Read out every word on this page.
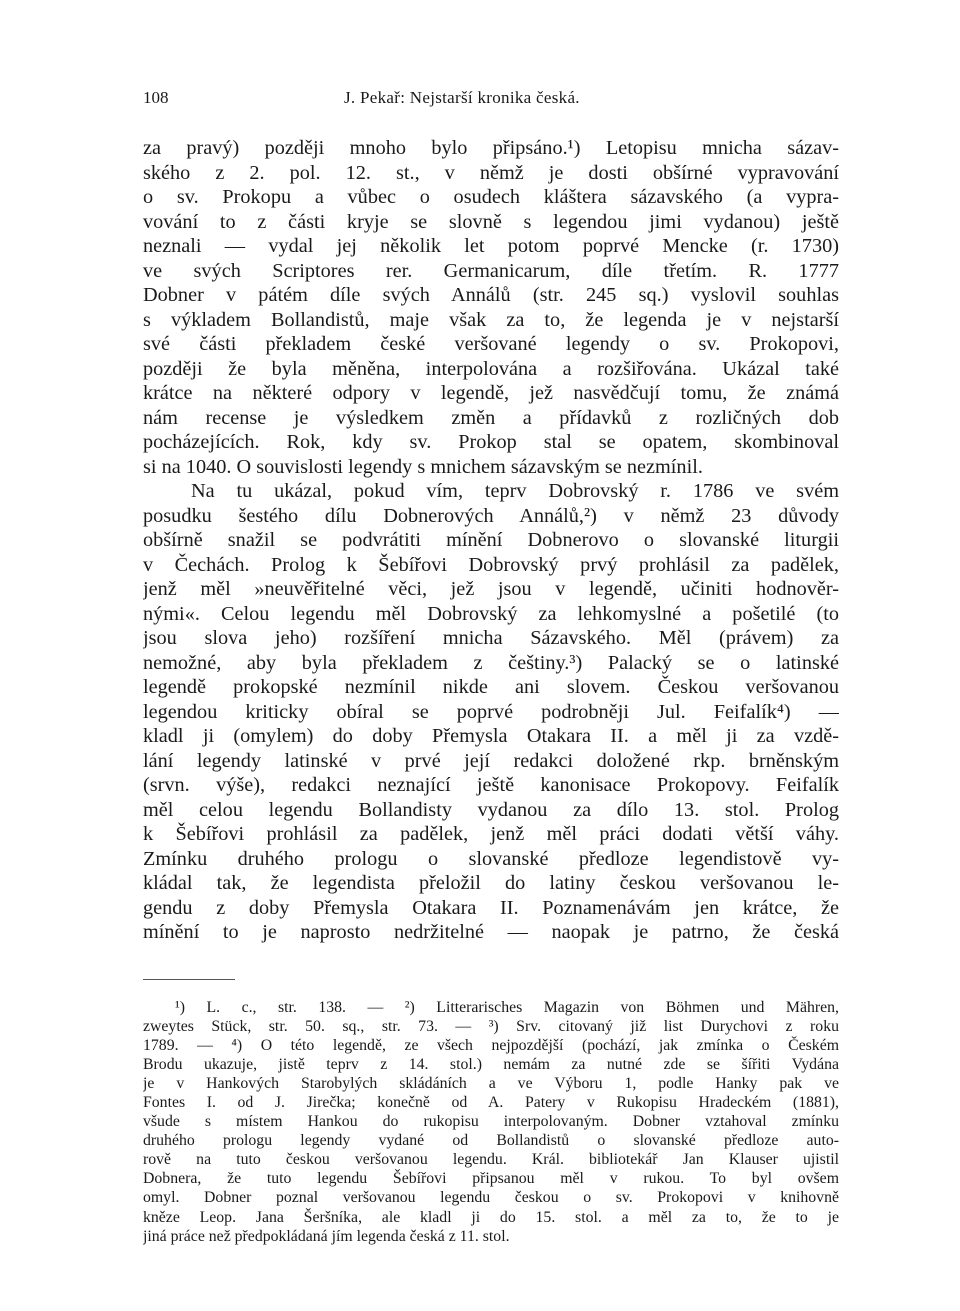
108	J. Pekař: Nejstarší kronika česká.
za pravý) později mnoho bylo připsáno.¹) Letopisu mnicha sázav-
ského z 2. pol. 12. st., v němž je dosti obšírné vypravování
o sv. Prokopu a vůbec o osudech kláštera sázavského (a vypra-
vování to z části kryje se slovně s legendou jimi vydanou) ještě
neznali — vydal jej několik let potom poprvé Mencke (r. 1730)
ve svých Scriptores rer. Germanicarum, díle třetím. R. 1777
Dobner v pátém díle svých Annálů (str. 245 sq.) vyslovil souhlas
s výkladem Bollandistů, maje však za to, že legenda je v nejstarší
své části překladem české veršované legendy o sv. Prokopovi,
později že byla měněna, interpolována a rozšiřována. Ukázal také
krátce na některé odpory v legendě, jež nasvědčují tomu, že známá
nám recense je výsledkem změn a přídavků z rozličných dob
pocházejících. Rok, kdy sv. Prokop stal se opatem, skombinoval
si na 1040. O souvislosti legendy s mnichem sázavským se nezmínil.
Na tu ukázal, pokud vím, teprv Dobrovský r. 1786 ve svém
posudku šestého dílu Dobnerových Annálů,²) v němž 23 důvody
obšírně snažil se podvrátiti mínění Dobnerovo o slovanské liturgii
v Čechách. Prolog k Šebířovi Dobrovský prvý prohlásil za padělek,
jenž měl »neuvěřitelné věci, jež jsou v legendě, učiniti hodnověr-
nými«. Celou legendu měl Dobrovský za lehkomyslné a pošetilé (to
jsou slova jeho) rozšíření mnicha Sázavského. Měl (právem) za
nemožné, aby byla překladem z češtiny.³) Palacký se o latinské
legendě prokopské nezmínil nikde ani slovem. Českou veršovanou
legendou kriticky obíral se poprvé podrobněji Jul. Feifalík⁴) —
kladl ji (omylem) do doby Přemysla Otakara II. a měl ji za vzdě-
lání legendy latinské v prvé její redakci doložené rkp. brněnským
(srvn. výše), redakci neznající ještě kanonisace Prokopovy. Feifalík
měl celou legendu Bollandisty vydanou za dílo 13. stol. Prolog
k Šebířovi prohlásil za padělek, jenž měl práci dodati větší váhy.
Zmínku druhého prologu o slovanské předloze legendistově vy-
kládal tak, že legendista přeložil do latiny českou veršovanou le-
gendu z doby Přemysla Otakara II. Poznamenávám jen krátce, že
mínění to je naprosto nedržitelné — naopak je patrno, že česká
¹) L. c., str. 138. — ²) Litterarisches Magazin von Böhmen und Mähren,
zweytes Stück, str. 50. sq., str. 73. — ³) Srv. citovaný již list Durychovi z roku
1789. — ⁴) O této legendě, ze všech nejpozdější (pochází, jak zmínka o Českém
Brodu ukazuje, jistě teprv z 14. stol.) nemám za nutné zde se šířiti Vydána
je v Hankových Starobylých skládáních a ve Výboru 1, podle Hanky pak ve
Fontes I. od J. Jirečka; konečně od A. Patery v Rukopisu Hradeckém (1881),
všude s místem Hankou do rukopisu interpolovaným. Dobner vztahoval zmínku
druhého prologu legendy vydané od Bollandistů o slovanské předloze auto-
rově na tuto českou veršovanou legendu. Král. bibliotekář Jan Klauser ujistil
Dobnera, že tuto legendu Šebířovi připsanou měl v rukou. To byl ovšem
omyl. Dobner poznal veršovanou legendu českou o sv. Prokopovi v knihovně
kněze Leop. Jana Šeršníka, ale kladl ji do 15. stol. a měl za to, že to je
jiná práce než předpokládaná jím legenda česká z 11. stol.
